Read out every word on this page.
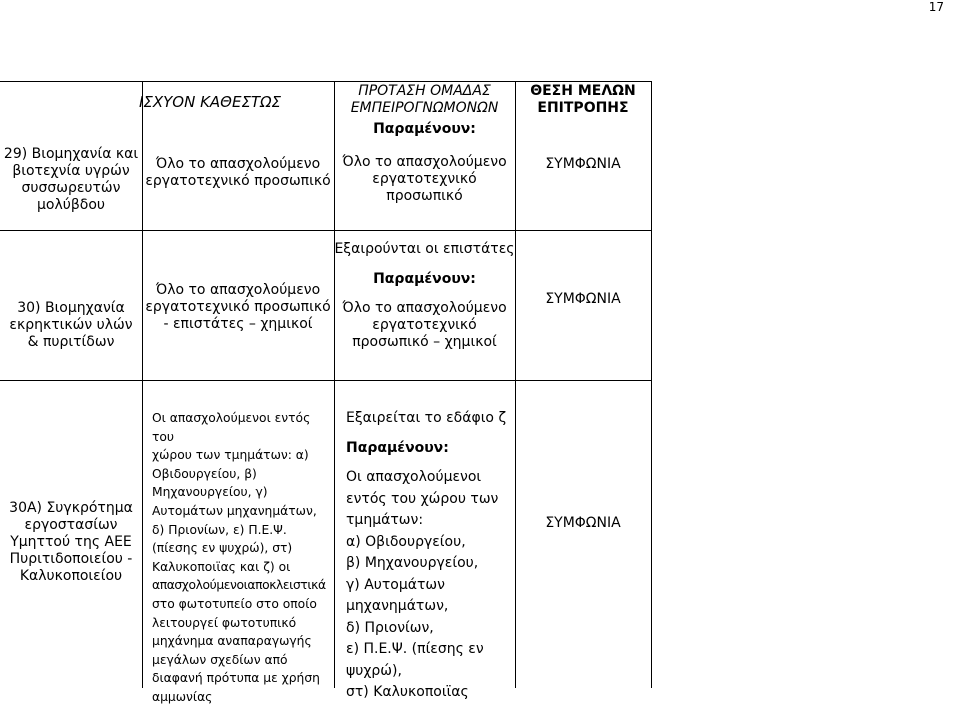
17
ΙΣΧΥΟΝ ΚΑΘΕΣΤΩΣ
ΠΡΟΤΑΣΗ ΟΜΑΔΑΣ
ΕΜΠΕΙΡΟΓΝΩΜΟΝΩΝ
ΘΕΣΗ ΜΕΛΩΝ
ΕΠΙΤΡΟΠΗΣ
29) Βιομηχανία και
βιοτεχνία υγρών
συσσωρευτών
μολύβδου
Όλο το απασχολούμενο
εργατοτεχνικό προσωπικό
Παραμένουν:
Όλο το απασχολούμενο
εργατοτεχνικό
προσωπικό
ΣΥΜΦΩΝΙΑ
30) Βιομηχανία
εκρηκτικών υλών
& πυριτίδων
Όλο το απασχολούμενο
εργατοτεχνικό προσωπικό
- επιστάτες – χημικοί
Εξαιρούνται οι επιστάτες
Παραμένουν:
Όλο το απασχολούμενο
εργατοτεχνικό
προσωπικό – χημικοί
ΣΥΜΦΩΝΙΑ
30Α) Συγκρότημα
εργοστασίων
Υμηττού της ΑΕΕ
Πυριτιδοποιείου -
Καλυκοποιείου
Οι απασχολούμενοι εντός του
χώρου των τμημάτων: α)
Οβιδουργείου, β)
Μηχανουργείου, γ)
Αυτομάτων μηχανημάτων,
δ) Πριονίων, ε) Π.Ε.Ψ.
(πίεσης εν ψυχρώ), στ)
Καλυκοποιϊας και ζ) οι
απασχολούμενοιαποκλειστικά
στο φωτοτυπείο στο οποίο
λειτουργεί φωτοτυπικό
μηχάνημα αναπαραγωγής
μεγάλων σχεδίων από
διαφανή πρότυπα με χρήση
αμμωνίας
Εξαιρείται το εδάφιο ζ
Παραμένουν:
Οι απασχολούμενοι
εντός του χώρου των
τμημάτων:
α) Οβιδουργείου,
β) Μηχανουργείου,
γ) Αυτομάτων
μηχανημάτων,
δ) Πριονίων,
ε) Π.Ε.Ψ. (πίεσης εν
ψυχρώ),
στ) Καλυκοποιϊας
ΣΥΜΦΩΝΙΑ
